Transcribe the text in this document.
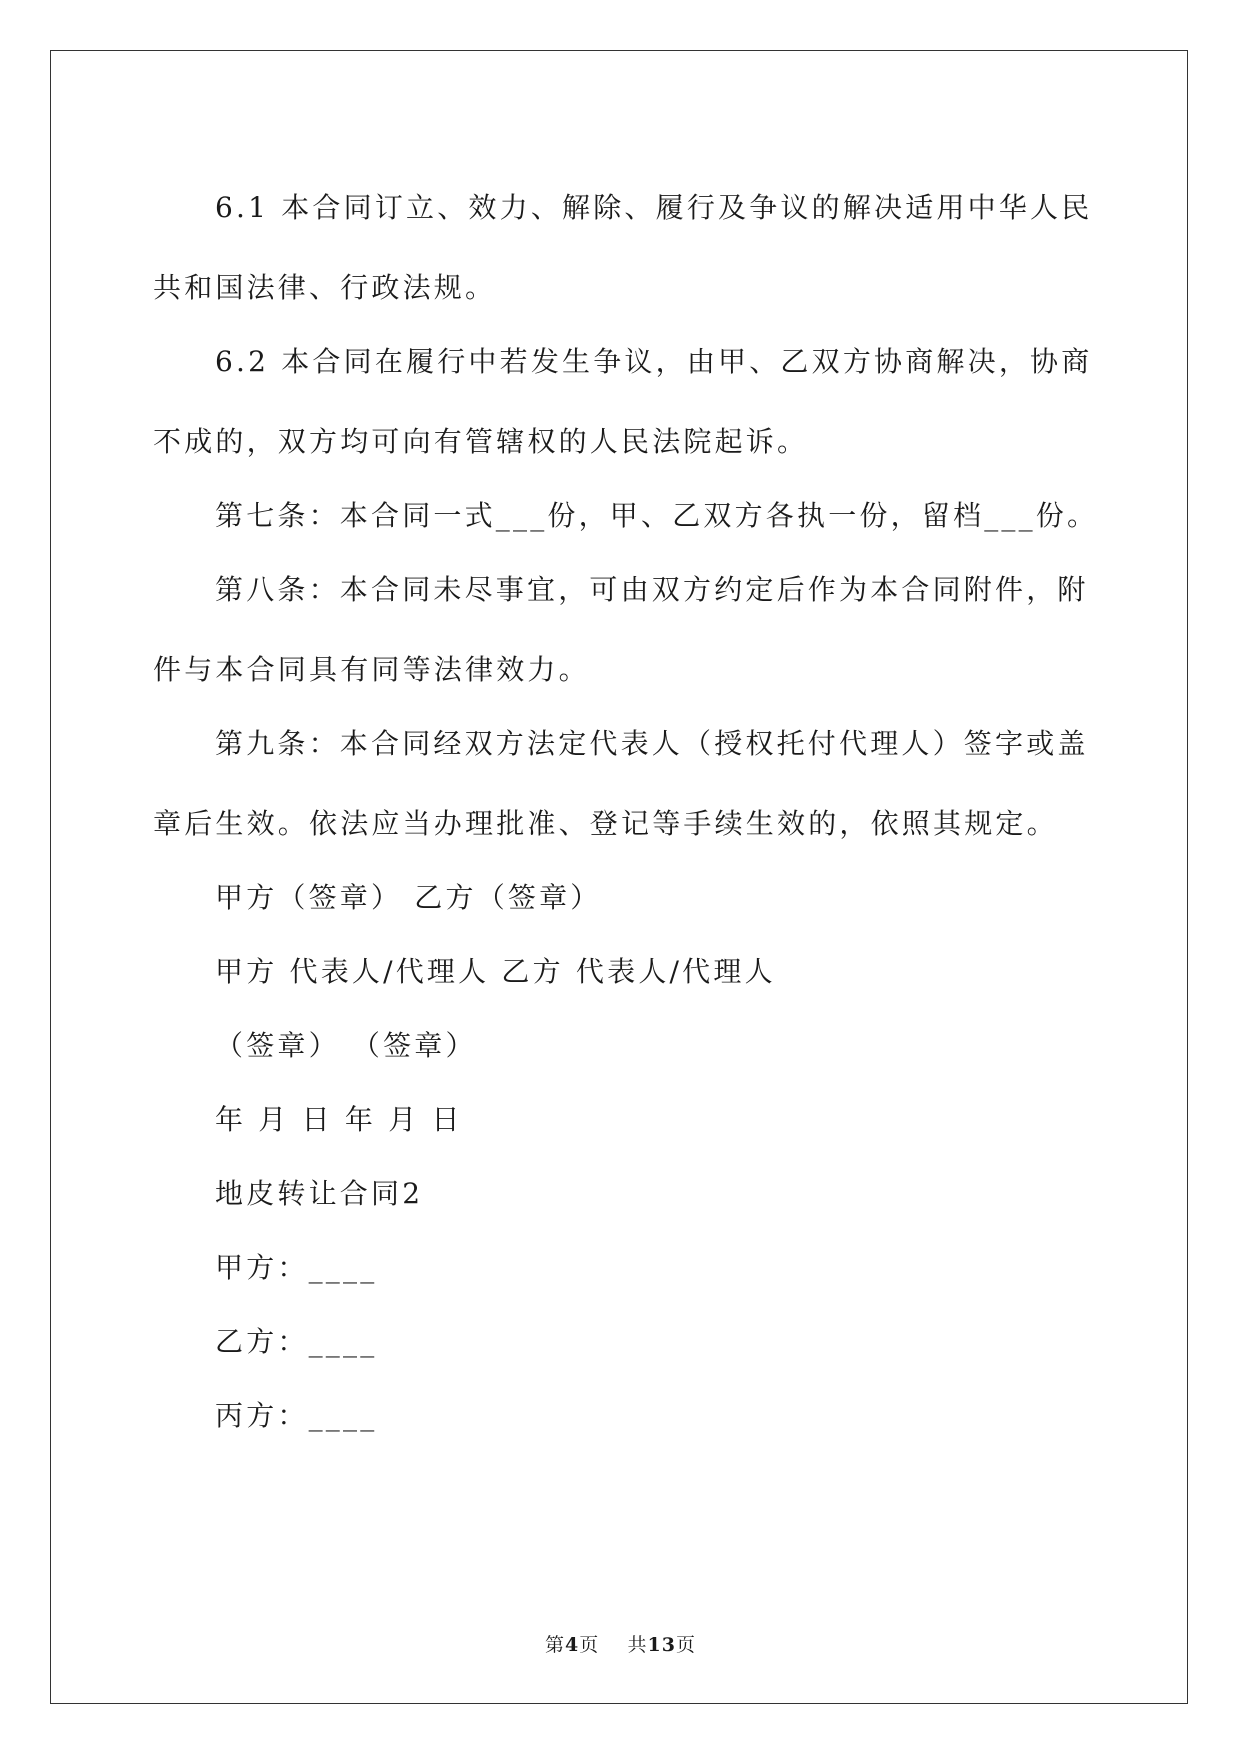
6.1 本合同订立、效力、解除、履行及争议的解决适用中华人民

共和国法律、行政法规。

6.2 本合同在履行中若发生争议，由甲、乙双方协商解决，协商

不成的，双方均可向有管辖权的人民法院起诉。

第七条：本合同一式___份，甲、乙双方各执一份，留档___份。

第八条：本合同未尽事宜，可由双方约定后作为本合同附件，附

件与本合同具有同等法律效力。

第九条：本合同经双方法定代表人（授权托付代理人）签字或盖

章后生效。依法应当办理批准、登记等手续生效的，依照其规定。

甲方（签章） 乙方（签章）

甲方 代表人/代理人 乙方 代表人/代理人

（签章） （签章）

年 月 日 年 月 日

地皮转让合同2

甲方：____

乙方：____

丙方：____

第4页 共13页
